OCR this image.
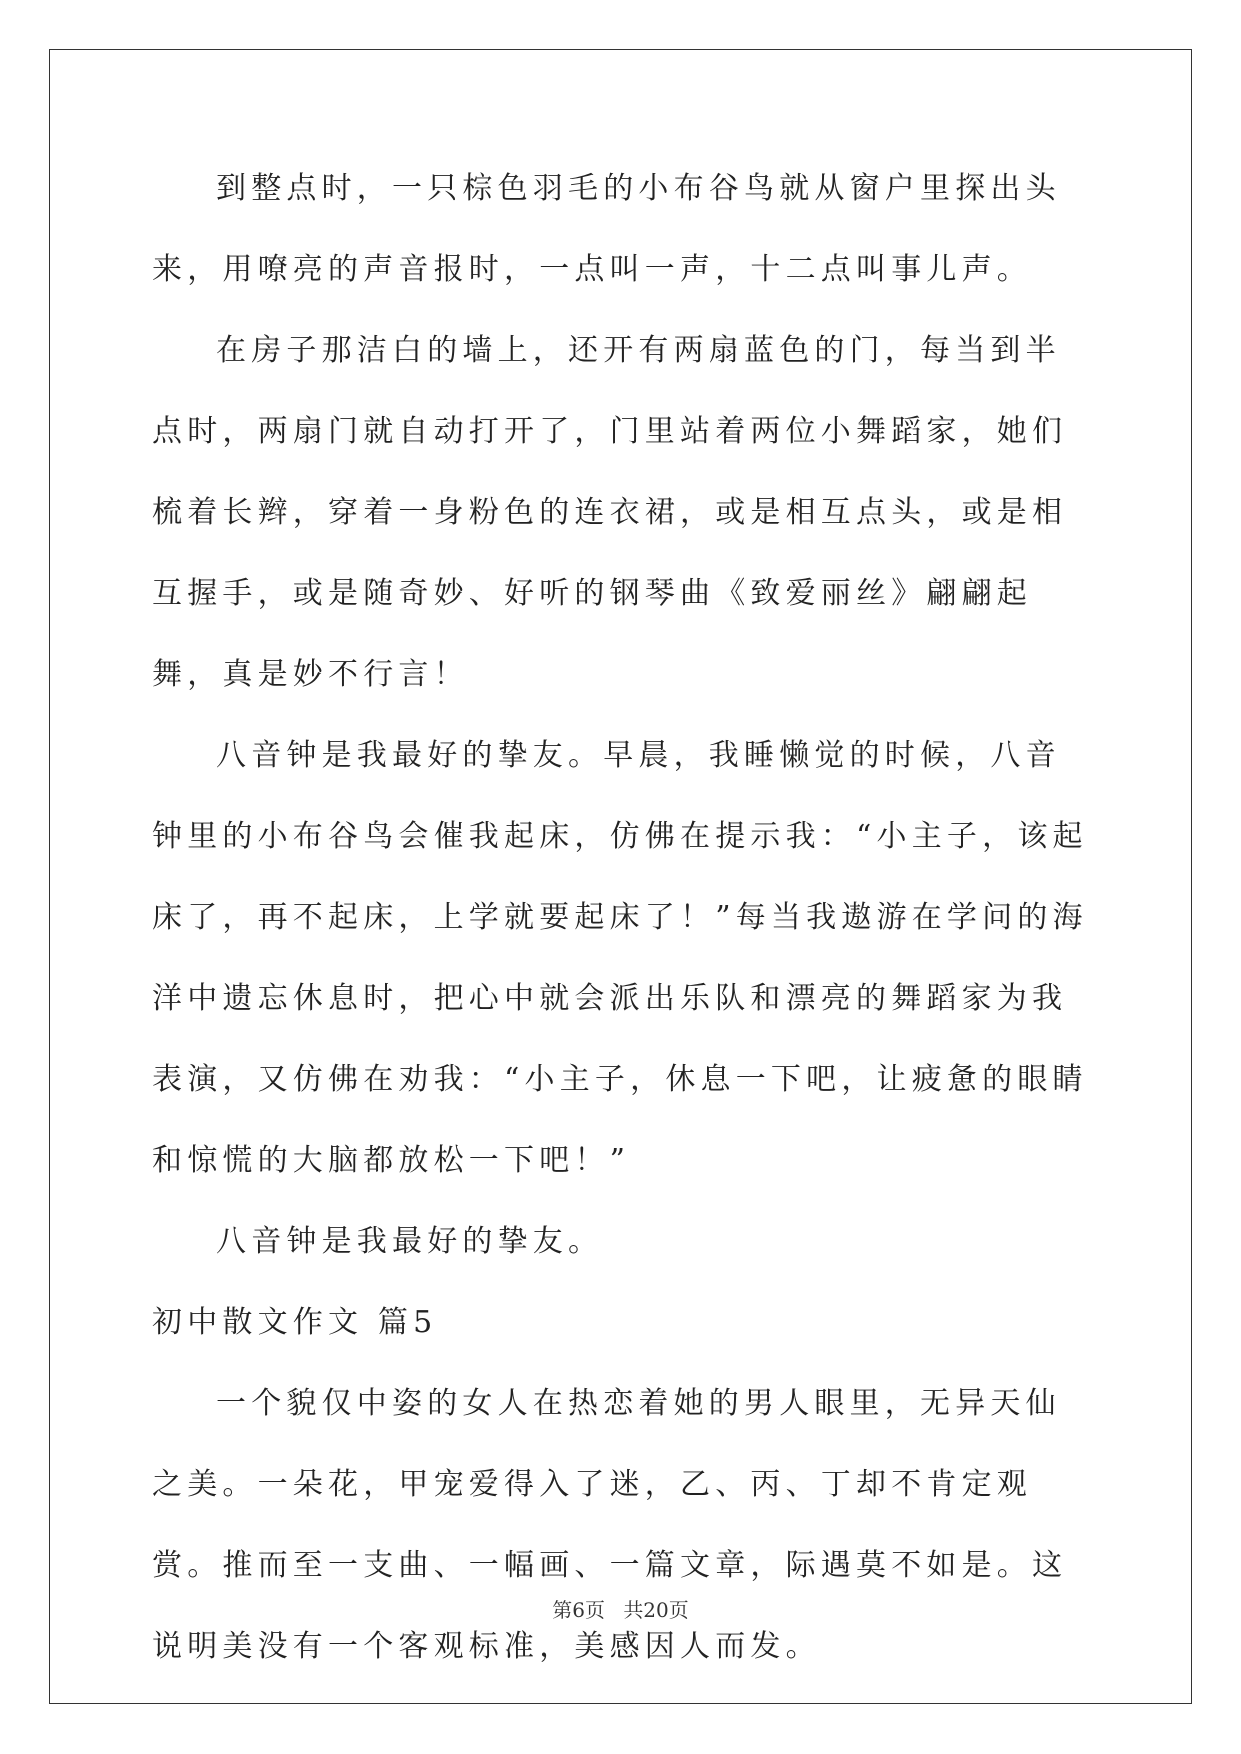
到整点时，一只棕色羽毛的小布谷鸟就从窗户里探出头来，用嘹亮的声音报时，一点叫一声，十二点叫事儿声。

在房子那洁白的墙上，还开有两扇蓝色的门，每当到半点时，两扇门就自动打开了，门里站着两位小舞蹈家，她们梳着长辫，穿着一身粉色的连衣裙，或是相互点头，或是相互握手，或是随奇妙、好听的钢琴曲《致爱丽丝》翩翩起舞，真是妙不行言！

八音钟是我最好的挚友。早晨，我睡懒觉的时候，八音钟里的小布谷鸟会催我起床，仿佛在提示我：“小主子，该起床了，再不起床，上学就要起床了！”每当我遨游在学问的海洋中遗忘休息时，把心中就会派出乐队和漂亮的舞蹈家为我表演，又仿佛在劝我：“小主子，休息一下吧，让疲惫的眼睛和惊慌的大脑都放松一下吧！”

八音钟是我最好的挚友。

初中散文作文 篇5

一个貌仅中姿的女人在热恋着她的男人眼里，无异天仙之美。一朵花，甲宠爱得入了迷，乙、丙、丁却不肯定观赏。推而至一支曲、一幅画、一篇文章，际遇莫不如是。这说明美没有一个客观标准，美感因人而发。

第6页 共20页
